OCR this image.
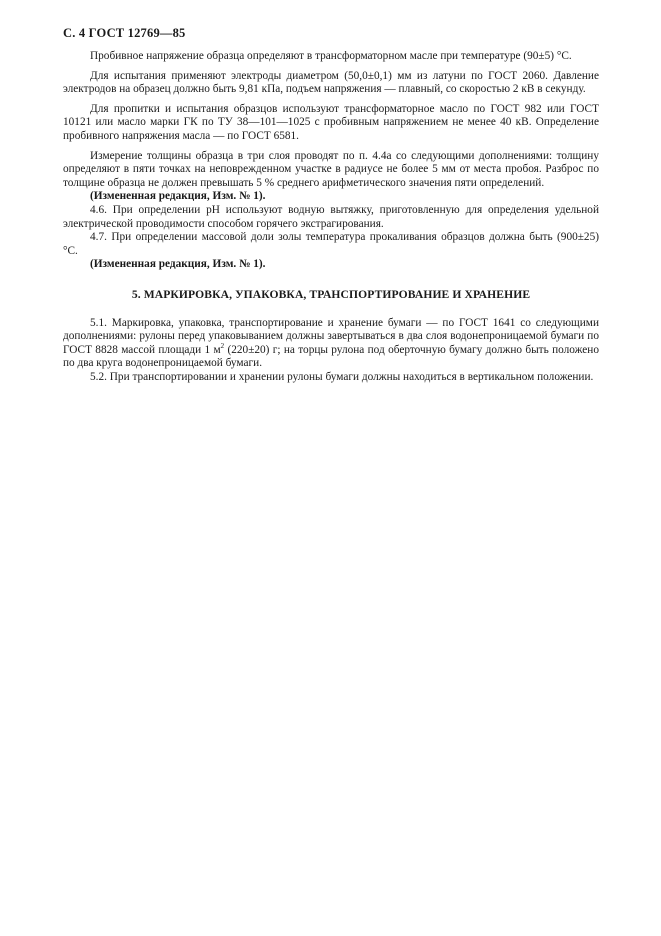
С. 4 ГОСТ 12769—85

Пробивное напряжение образца определяют в трансформаторном масле при температуре (90±5) °С.

Для испытания применяют электроды диаметром (50,0±0,1) мм из латуни по ГОСТ 2060. Давление электродов на образец должно быть 9,81 кПа, подъем напряжения — плавный, со скоростью 2 кВ в секунду.

Для пропитки и испытания образцов используют трансформаторное масло по ГОСТ 982 или ГОСТ 10121 или масло марки ГК по ТУ 38—101—1025 с пробивным напряжением не менее 40 кВ. Определение пробивного напряжения масла — по ГОСТ 6581.

Измерение толщины образца в три слоя проводят по п. 4.4а со следующими дополнениями: толщину определяют в пяти точках на неповрежденном участке в радиусе не более 5 мм от места пробоя. Разброс по толщине образца не должен превышать 5 % среднего арифметического значения пяти определений.

(Измененная редакция, Изм. № 1).

4.6. При определении рН используют водную вытяжку, приготовленную для определения удельной электрической проводимости способом горячего экстрагирования.

4.7. При определении массовой доли золы температура прокаливания образцов должна быть (900±25) °С.

(Измененная редакция, Изм. № 1).

5. МАРКИРОВКА, УПАКОВКА, ТРАНСПОРТИРОВАНИЕ И ХРАНЕНИЕ

5.1. Маркировка, упаковка, транспортирование и хранение бумаги — по ГОСТ 1641 со следующими дополнениями: рулоны перед упаковыванием должны завертываться в два слоя водонепроницаемой бумаги по ГОСТ 8828 массой площади 1 $м^2$ (220±20) г; на торцы рулона под оберточную бумагу должно быть положено по два круга водонепроницаемой бумаги.

5.2. При транспортировании и хранении рулоны бумаги должны находиться в вертикальном положении.
